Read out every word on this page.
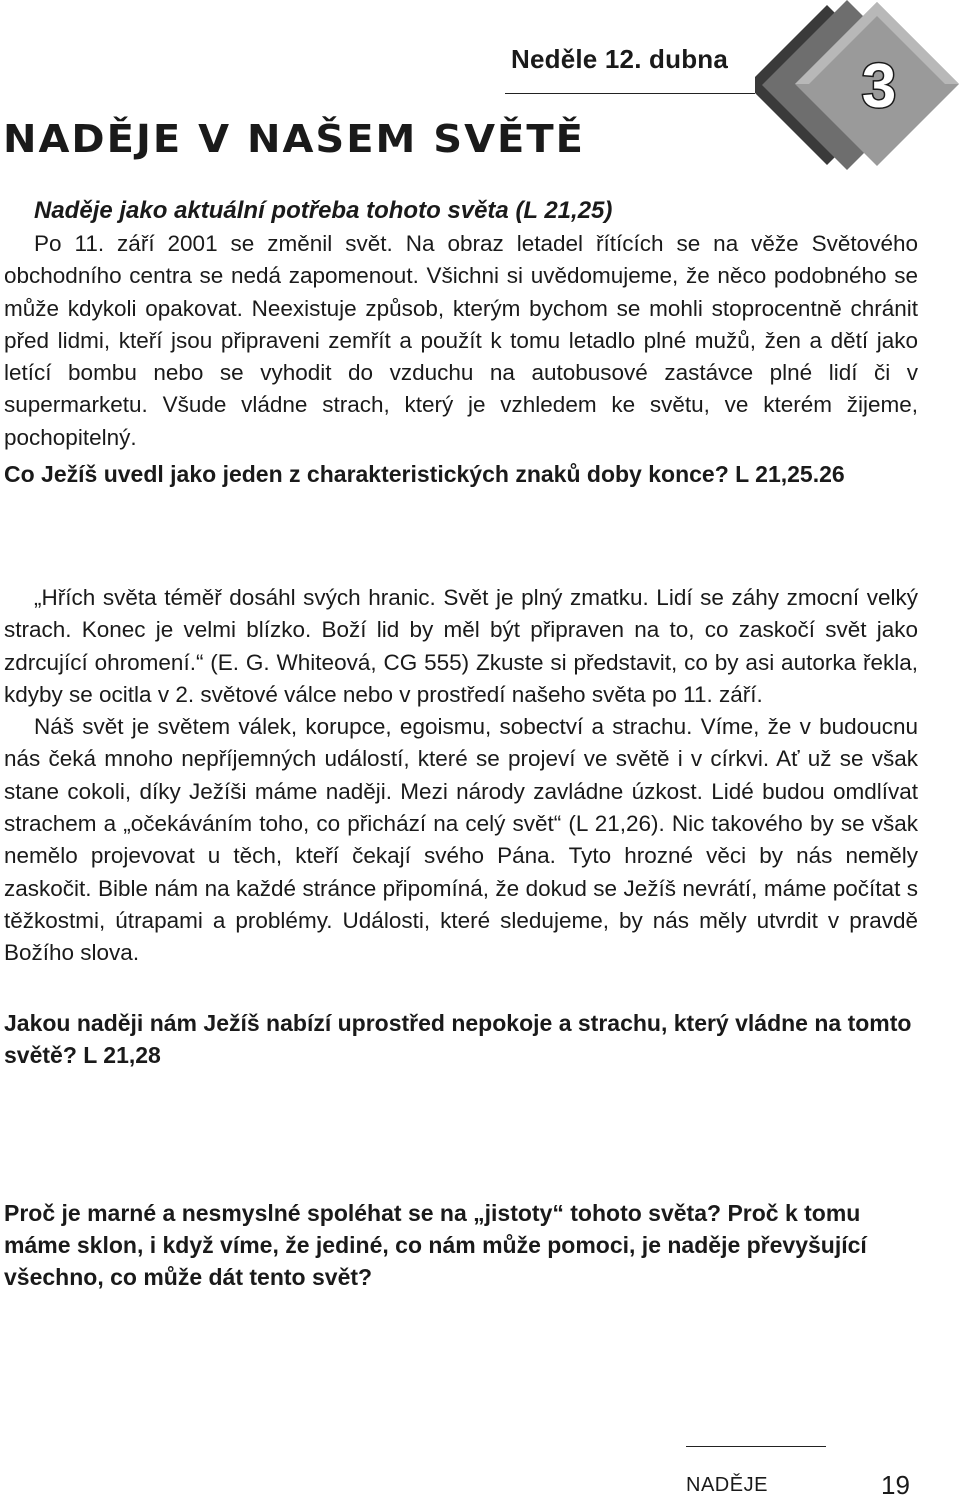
Neděle 12. dubna 3
NADĚJE V NAŠEM SVĚTĚ
Naděje jako aktuální potřeba tohoto světa (L 21,25)

Po 11. září 2001 se změnil svět. Na obraz letadel řítících se na věže Světového obchodního centra se nedá zapomenout. Všichni si uvědomujeme, že něco podobného se může kdykoli opakovat. Neexistuje způsob, kterým bychom se mohli stoprocentně chránit před lidmi, kteří jsou připraveni zemřít a použít k tomu letadlo plné mužů, žen a dětí jako letící bombu nebo se vyhodit do vzduchu na autobusové zastávce plné lidí či v supermarketu. Všude vládne strach, který je vzhledem ke světu, ve kterém žijeme, pochopitelný.

Co Ježíš uvedl jako jeden z charakteristických znaků doby konce? L 21,25.26

„Hřích světa téměř dosáhl svých hranic. Svět je plný zmatku. Lidí se záhy zmocní velký strach. Konec je velmi blízko. Boží lid by měl být připraven na to, co zaskočí svět jako zdrcující ohromení.“ (E. G. Whiteová, CG 555) Zkuste si představit, co by asi autorka řekla, kdyby se ocitla v 2. světové válce nebo v prostředí našeho světa po 11. září.

Náš svět je světem válek, korupce, egoismu, sobectví a strachu. Víme, že v budoucnu nás čeká mnoho nepříjemných událostí, které se projeví ve světě i v církvi. Ať už se však stane cokoli, díky Ježíši máme naději. Mezi národy zavládne úzkost. Lidé budou omdlívat strachem a „očekáváním toho, co přichází na celý svět“ (L 21,26). Nic takového by se však nemělo projevovat u těch, kteří čekají svého Pána. Tyto hrozné věci by nás neměly zaskočit. Bible nám na každé stránce připomíná, že dokud se Ježíš nevrátí, máme počítat s těžkostmi, útrapami a problémy. Události, které sledujeme, by nás měly utvrdit v pravdě Božího slova.

Jakou naději nám Ježíš nabízí uprostřed nepokoje a strachu, který vládne na tomto světě? L 21,28
Proč je marné a nesmyslné spoléhat se na „jistoty“ tohoto světa? Proč k tomu máme sklon, i když víme, že jediné, co nám může pomoci, je naděje převyšující všechno, co může dát tento svět?
NADĚJE	19
